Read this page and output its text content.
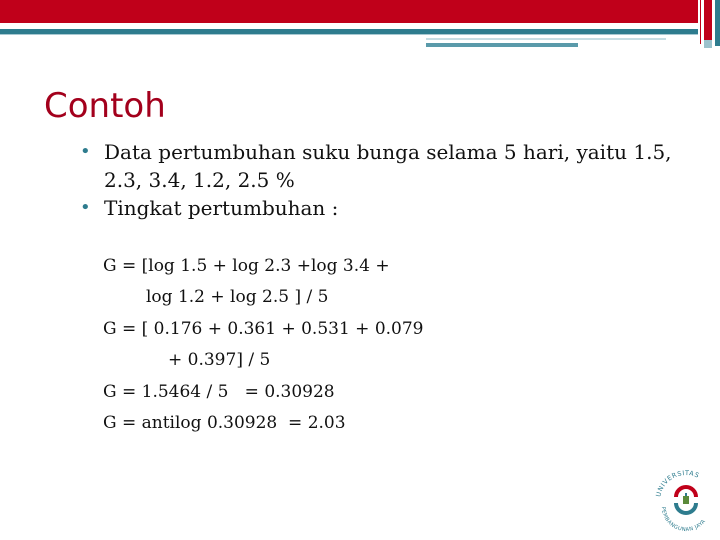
Contoh
• Data pertumbuhan suku bunga selama 5 hari, yaitu 1.5, 2.3, 3.4, 1.2, 2.5 %
• Tingkat pertumbuhan :
G = [log 1.5 + log 2.3 +log 3.4 +
log 1.2 + log 2.5 ] / 5
G = [ 0.176 + 0.361 + 0.531 + 0.079
+ 0.397] / 5
G = 1.5464 / 5   = 0.30928
G = antilog 0.30928  = 2.03
UNIVERSITAS
PEMBANGUNAN JAYA
